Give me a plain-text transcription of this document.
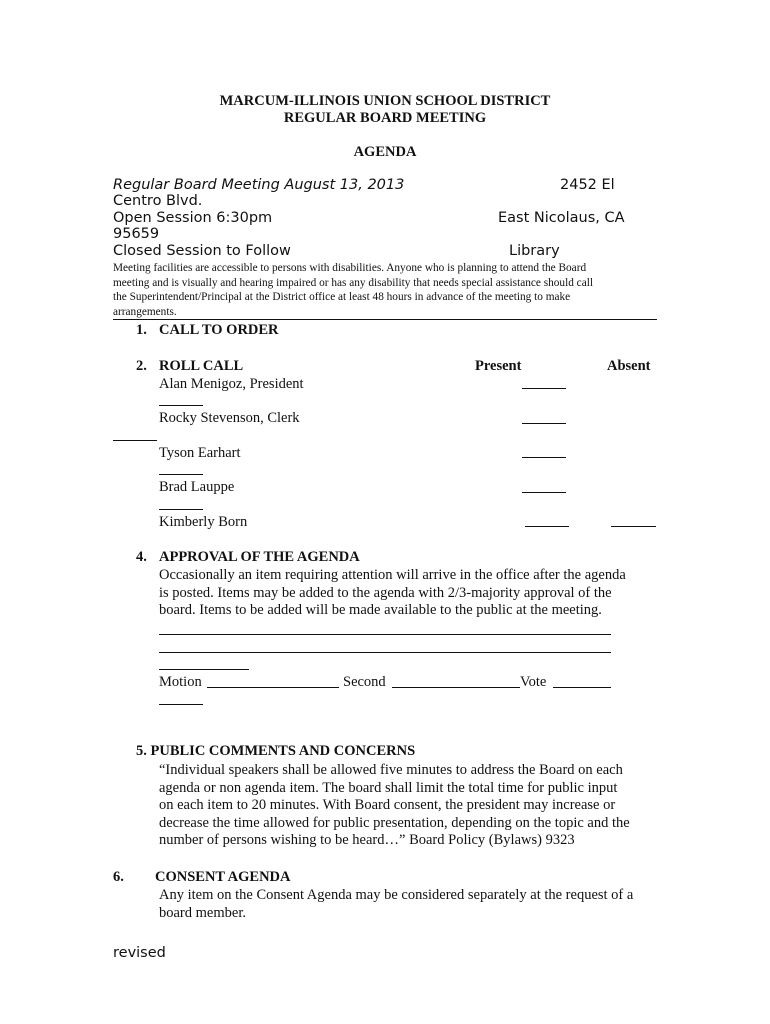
MARCUM-ILLINOIS UNION SCHOOL DISTRICT
REGULAR BOARD MEETING
AGENDA
Regular Board Meeting August 13, 2013	2452 El
Centro Blvd.
Open Session 6:30pm	East Nicolaus, CA
95659
Closed Session to Follow	Library
Meeting facilities are accessible to persons with disabilities. Anyone who is planning to attend the Board
meeting and is visually and hearing impaired or has any disability that needs special assistance should call
the Superintendent/Principal at the District office at least 48 hours in advance of the meeting to make
arrangements.
1. CALL TO ORDER
2. ROLL CALL	Present	Absent
Alan Menigoz, President
Rocky Stevenson, Clerk
Tyson Earhart
Brad Lauppe
Kimberly Born
4. APPROVAL OF THE AGENDA
Occasionally an item requiring attention will arrive in the office after the agenda
is posted. Items may be added to the agenda with 2/3-majority approval of the
board. Items to be added will be made available to the public at the meeting.
Motion	Second	Vote
5. PUBLIC COMMENTS AND CONCERNS
“Individual speakers shall be allowed five minutes to address the Board on each
agenda or non agenda item. The board shall limit the total time for public input
on each item to 20 minutes. With Board consent, the president may increase or
decrease the time allowed for public presentation, depending on the topic and the
number of persons wishing to be heard…” Board Policy (Bylaws) 9323
6. CONSENT AGENDA
Any item on the Consent Agenda may be considered separately at the request of a
board member.
revised
